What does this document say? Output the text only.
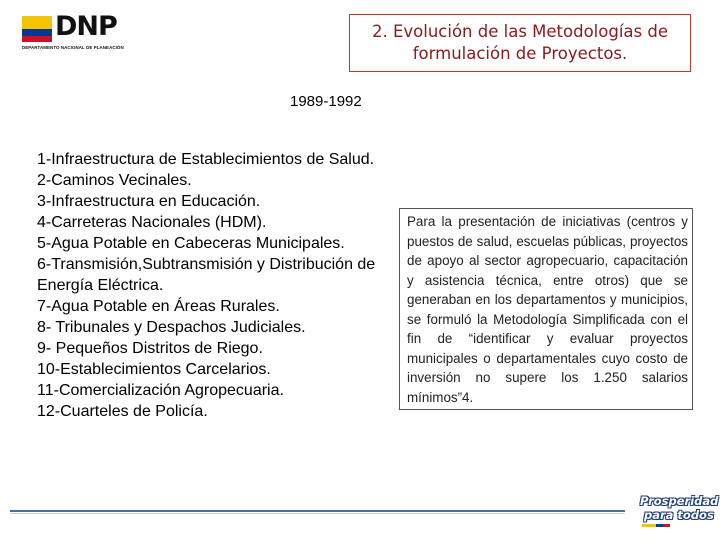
DNP
DEPARTAMENTO NACIONAL DE PLANEACIÓN
2. Evolución de las Metodologías de
formulación de Proyectos.
1989-1992
1-Infraestructura de Establecimientos de Salud.
2-Caminos Vecinales.
3-Infraestructura en Educación.
4-Carreteras Nacionales (HDM).
5-Agua Potable en Cabeceras Municipales.
6-Transmisión,Subtransmisión y Distribución de Energía Eléctrica.
7-Agua Potable en Áreas Rurales.
8- Tribunales y Despachos Judiciales.
9- Pequeños Distritos de Riego.
10-Establecimientos Carcelarios.
11-Comercialización Agropecuaria.
12-Cuarteles de Policía.
Para la presentación de iniciativas (centros y puestos de salud, escuelas públicas, proyectos de apoyo al sector agropecuario, capacitación y asistencia técnica, entre otros) que se generaban en los departamentos y municipios, se formuló la Metodología Simplificada con el fin de “identificar y evaluar proyectos municipales o departamentales cuyo costo de inversión no supere los 1.250 salarios mínimos”4.
Prosperidad
para todos
